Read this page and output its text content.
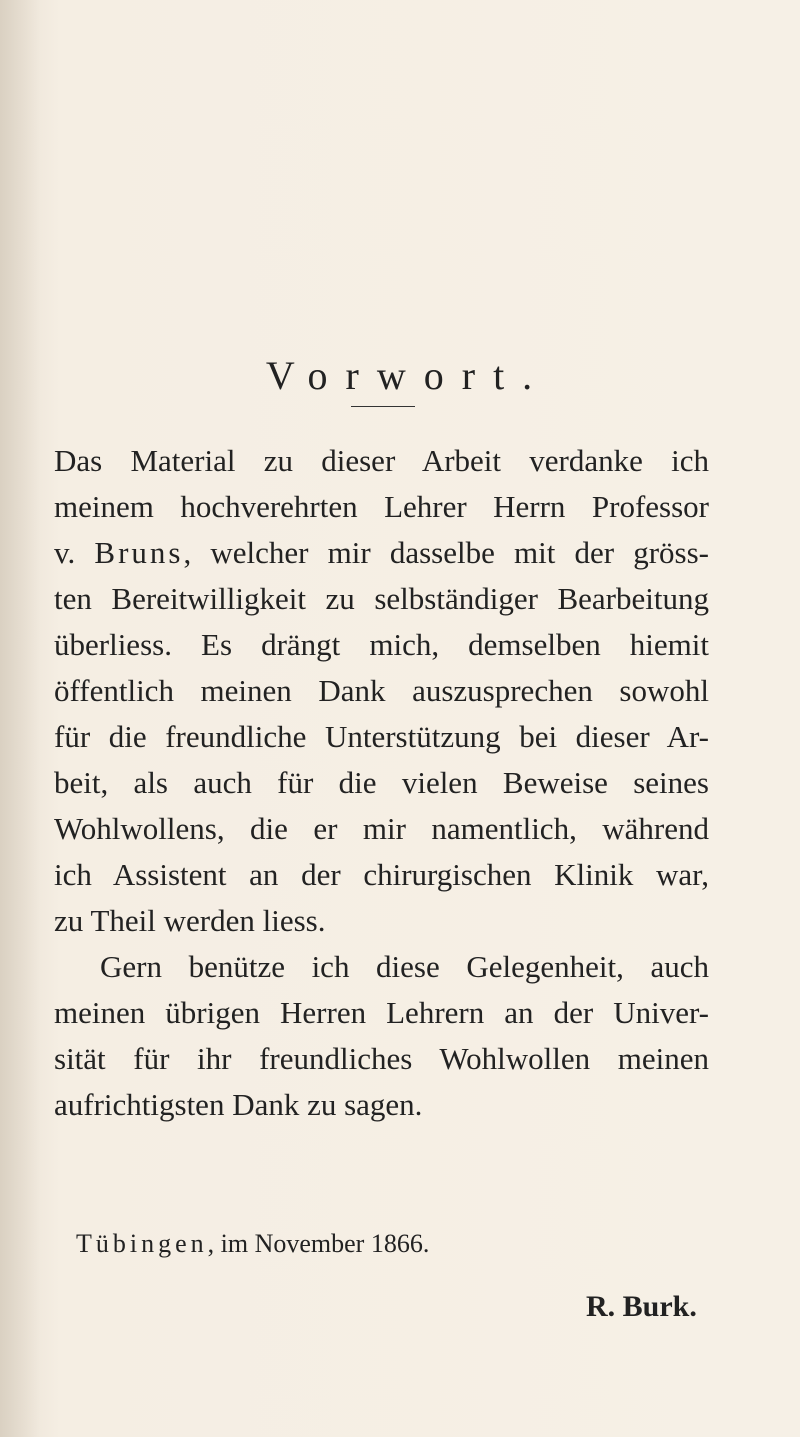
Vorwort.
Das Material zu dieser Arbeit verdanke ich
meinem hochverehrten Lehrer Herrn Professor
v. Bruns, welcher mir dasselbe mit der gröss-
ten Bereitwilligkeit zu selbständiger Bearbeitung
überliess. Es drängt mich, demselben hiemit
öffentlich meinen Dank auszusprechen sowohl
für die freundliche Unterstützung bei dieser Ar-
beit, als auch für die vielen Beweise seines
Wohlwollens, die er mir namentlich, während
ich Assistent an der chirurgischen Klinik war,
zu Theil werden liess.
Gern benütze ich diese Gelegenheit, auch
meinen übrigen Herren Lehrern an der Univer-
sität für ihr freundliches Wohlwollen meinen
aufrichtigsten Dank zu sagen.
Tübingen, im November 1866.
R. Burk.
